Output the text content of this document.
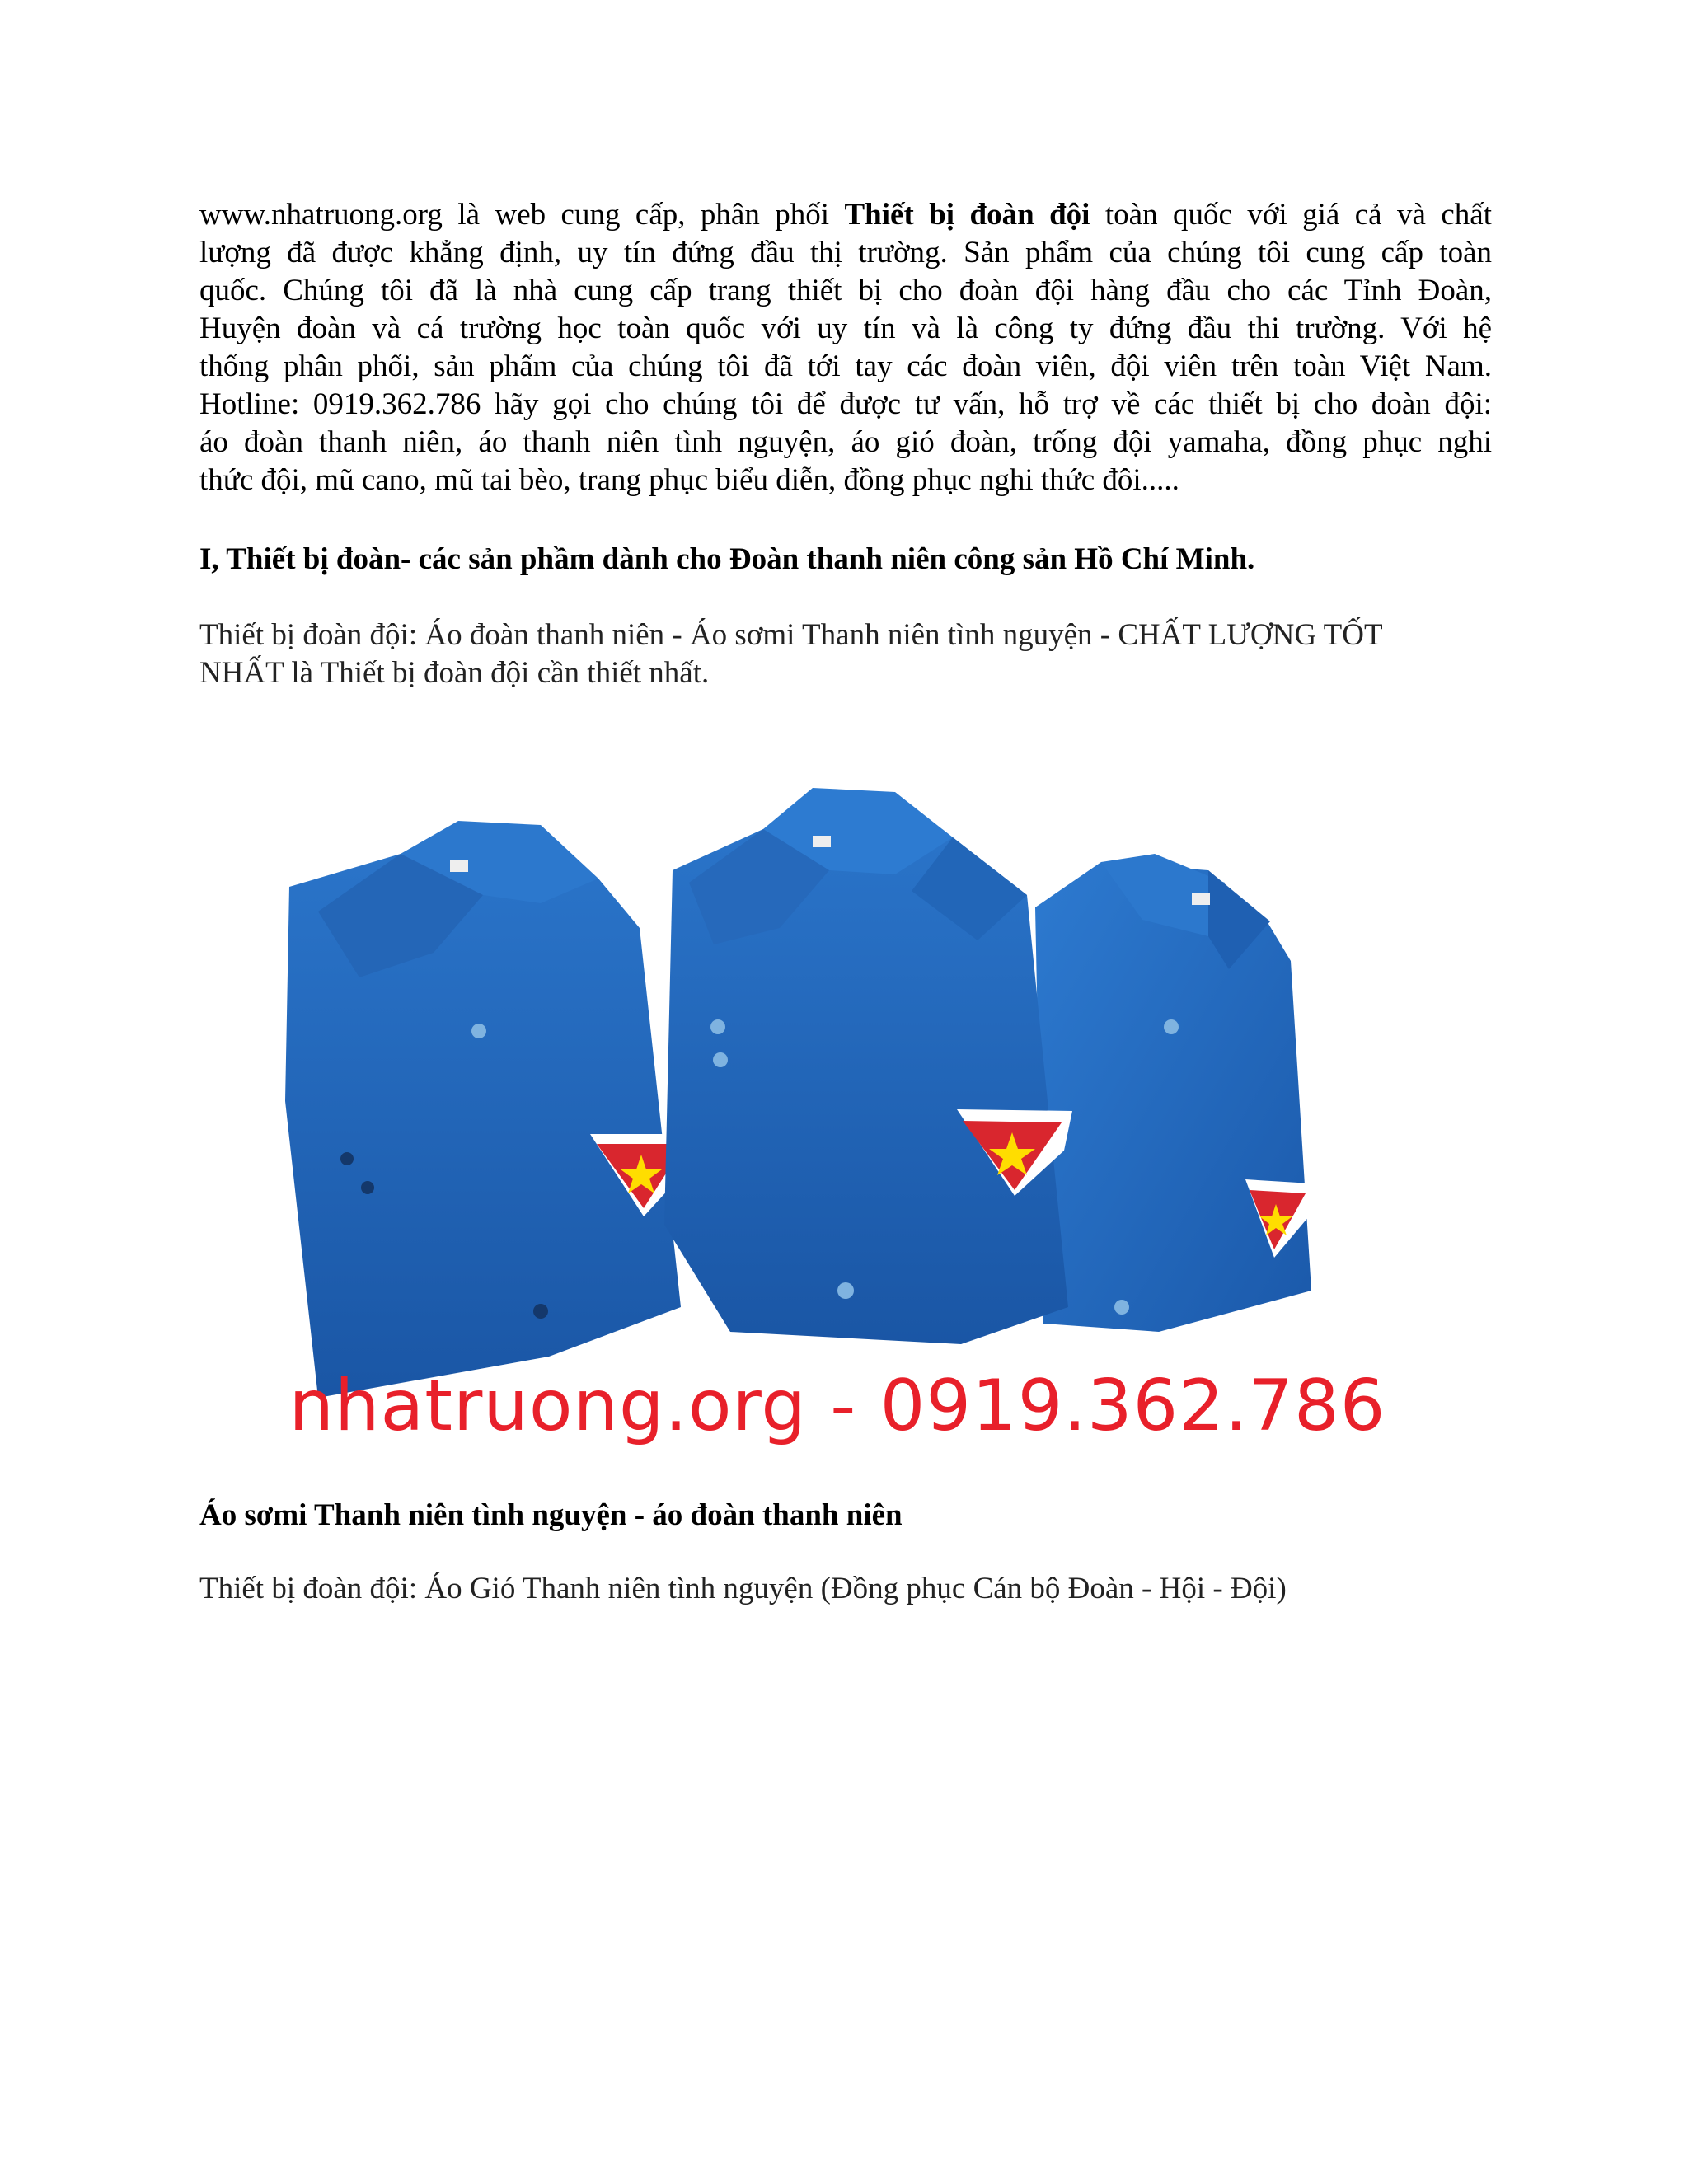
www.nhatruong.org là web cung cấp, phân phối Thiết bị đoàn đội toàn quốc với giá cả và chất
lượng đã được khẳng định, uy tín đứng đầu thị trường. Sản phẩm của chúng tôi cung cấp toàn
quốc. Chúng tôi đã là nhà cung cấp trang thiết bị cho đoàn đội hàng đầu cho các Tỉnh Đoàn,
Huyện đoàn và cá trường học toàn quốc với uy tín và là công ty đứng đầu thi trường. Với hệ
thống phân phối, sản phẩm của chúng tôi đã tới tay các đoàn viên, đội viên trên toàn Việt Nam.
Hotline: 0919.362.786 hãy gọi cho chúng tôi để được tư vấn, hỗ trợ về các thiết bị cho đoàn đội:
áo đoàn thanh niên, áo thanh niên tình nguyện, áo gió đoàn, trống đội yamaha, đồng phục nghi
thức đội, mũ cano, mũ tai bèo, trang phục biểu diễn, đồng phục nghi thức đôi.....
I, Thiết bị đoàn- các sản phầm dành cho Đoàn thanh niên công sản Hồ Chí Minh.
Thiết bị đoàn đội: Áo đoàn thanh niên - Áo sơmi Thanh niên tình nguyện - CHẤT LƯỢNG TỐT
NHẤT là Thiết bị đoàn đội cần thiết nhất.
nhatruong.org - 0919.362.786
Áo sơmi Thanh niên tình nguyện - áo đoàn thanh niên
Thiết bị đoàn đội: Áo Gió Thanh niên tình nguyện (Đồng phục Cán bộ Đoàn - Hội - Đội)
